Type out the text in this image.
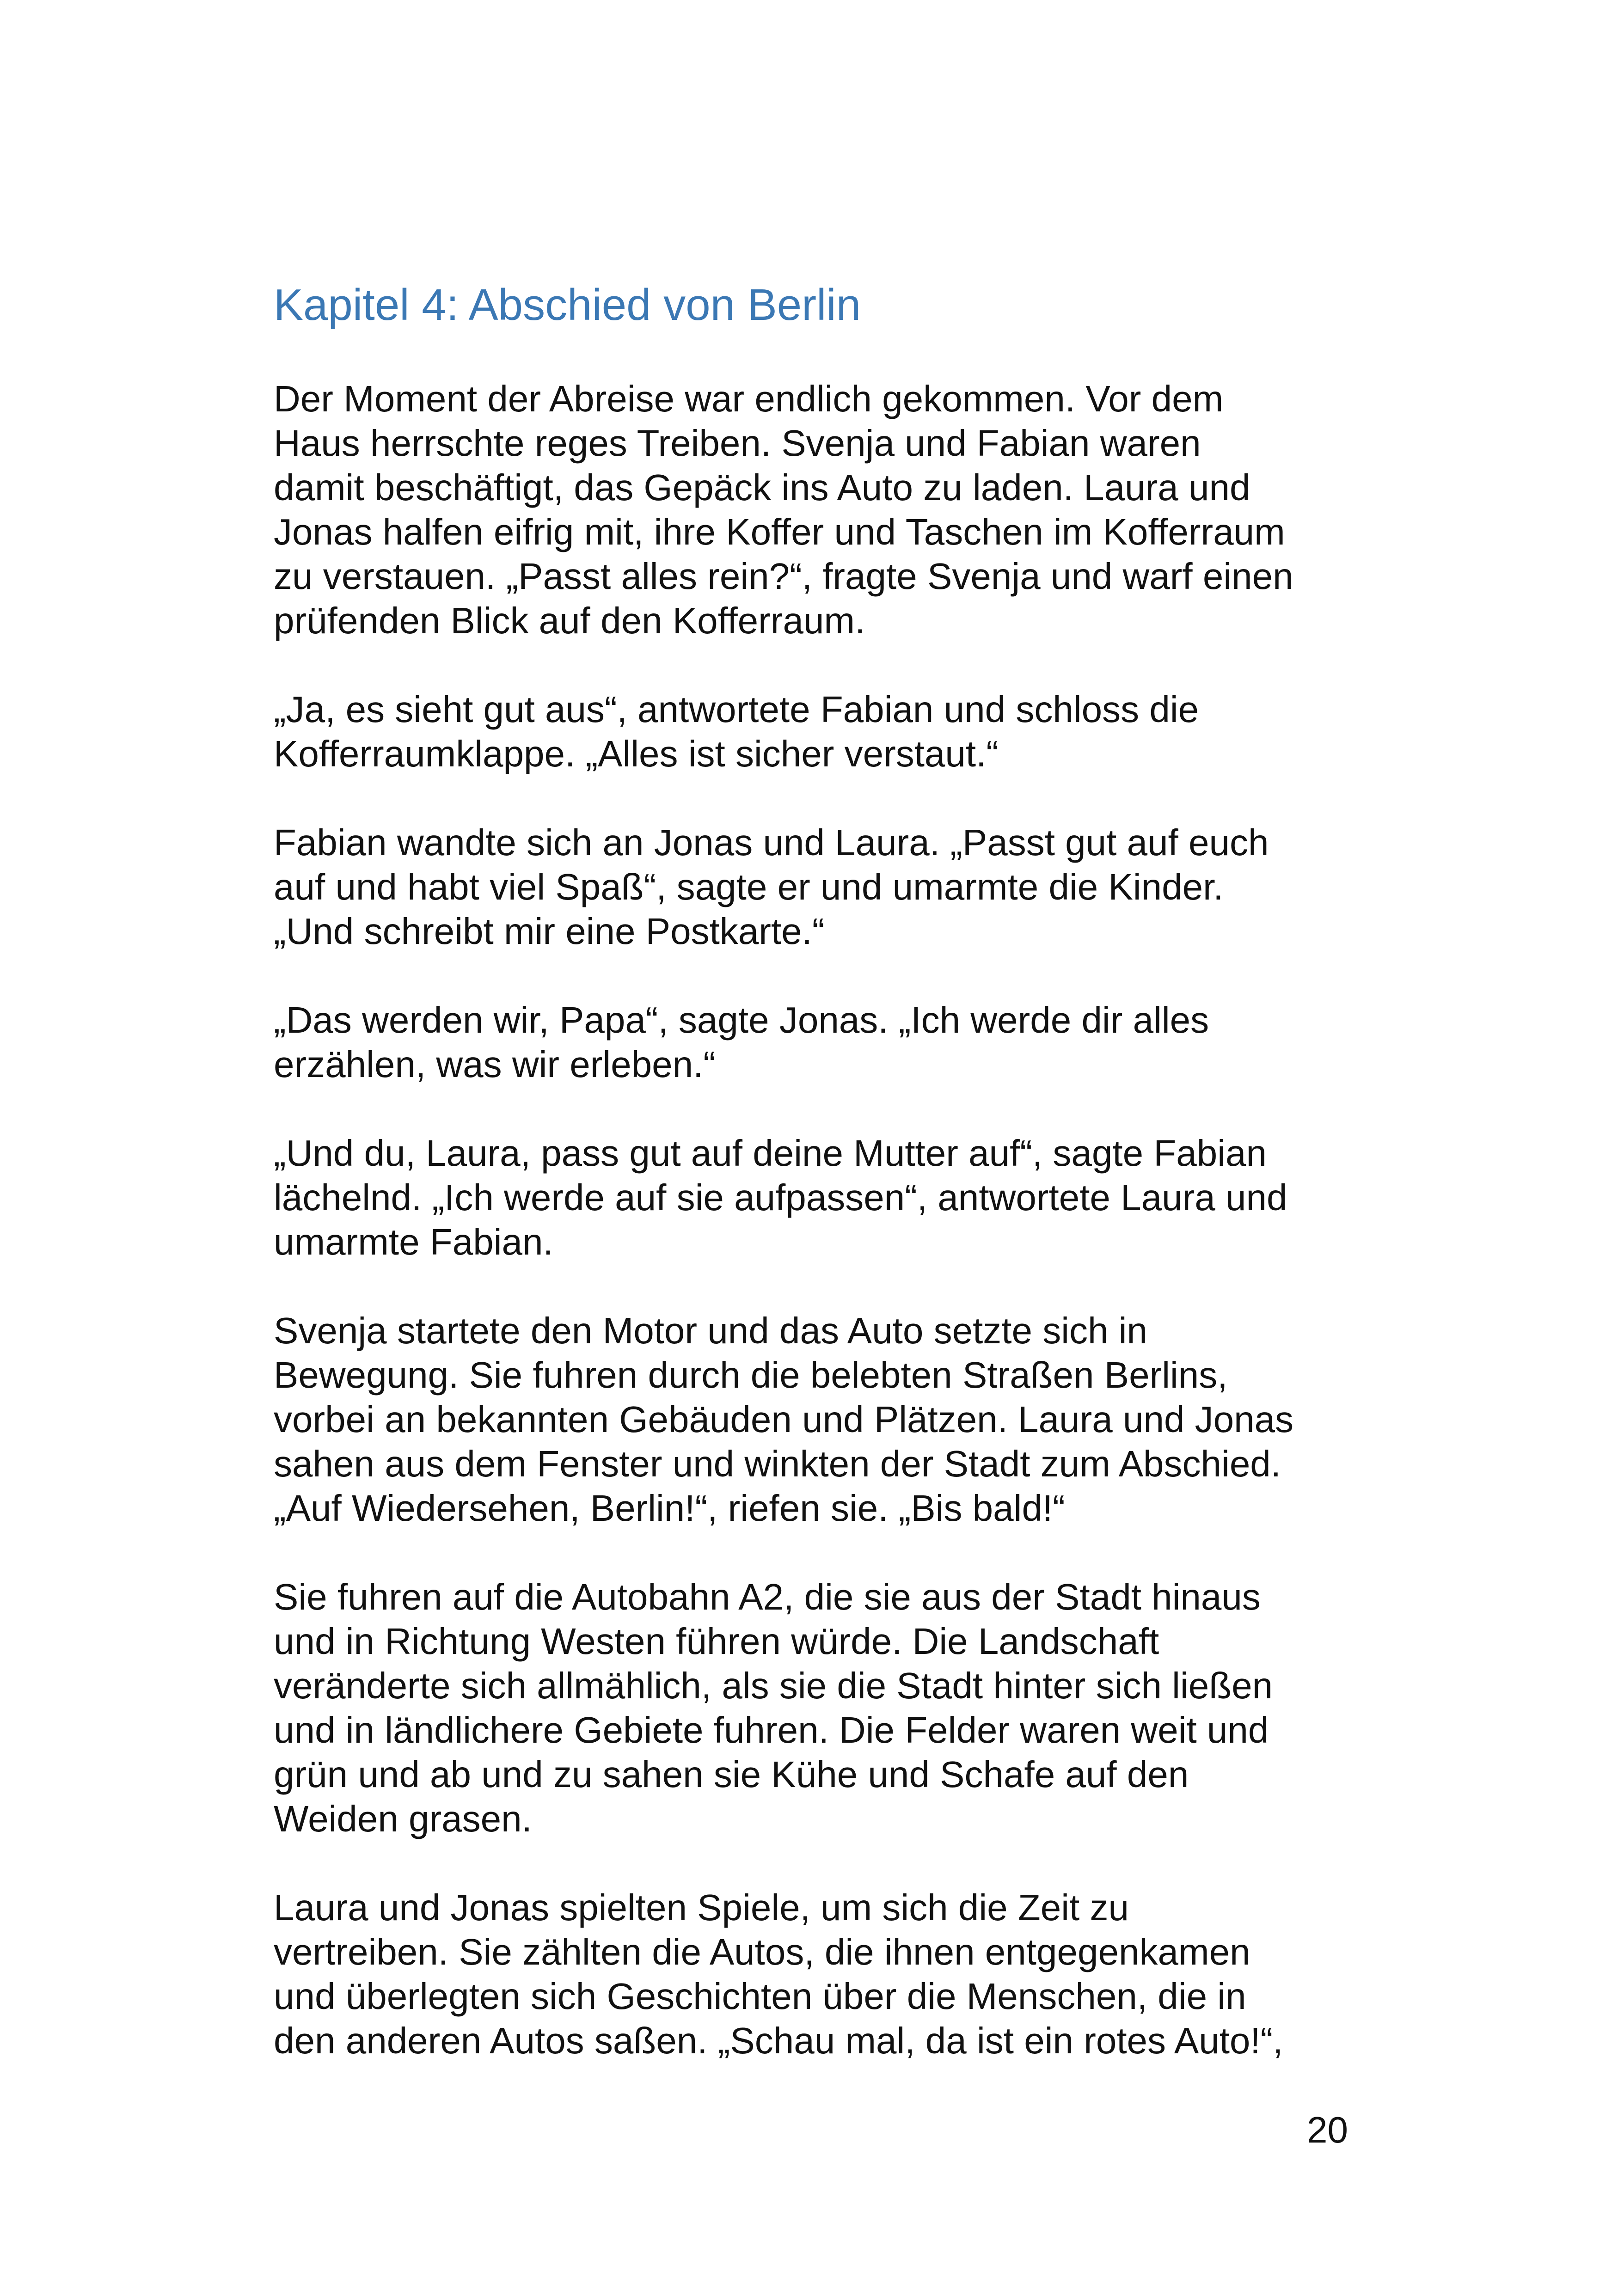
Kapitel 4: Abschied von Berlin

Der Moment der Abreise war endlich gekommen. Vor dem
Haus herrschte reges Treiben. Svenja und Fabian waren
damit beschäftigt, das Gepäck ins Auto zu laden. Laura und
Jonas halfen eifrig mit, ihre Koffer und Taschen im Kofferraum
zu verstauen. „Passt alles rein?“, fragte Svenja und warf einen
prüfenden Blick auf den Kofferraum.

„Ja, es sieht gut aus“, antwortete Fabian und schloss die
Kofferraumklappe. „Alles ist sicher verstaut.“

Fabian wandte sich an Jonas und Laura. „Passt gut auf euch
auf und habt viel Spaß“, sagte er und umarmte die Kinder.
„Und schreibt mir eine Postkarte.“

„Das werden wir, Papa“, sagte Jonas. „Ich werde dir alles
erzählen, was wir erleben.“

„Und du, Laura, pass gut auf deine Mutter auf“, sagte Fabian
lächelnd. „Ich werde auf sie aufpassen“, antwortete Laura und
umarmte Fabian.

Svenja startete den Motor und das Auto setzte sich in
Bewegung. Sie fuhren durch die belebten Straßen Berlins,
vorbei an bekannten Gebäuden und Plätzen. Laura und Jonas
sahen aus dem Fenster und winkten der Stadt zum Abschied.
„Auf Wiedersehen, Berlin!“, riefen sie. „Bis bald!“

Sie fuhren auf die Autobahn A2, die sie aus der Stadt hinaus
und in Richtung Westen führen würde. Die Landschaft
veränderte sich allmählich, als sie die Stadt hinter sich ließen
und in ländlichere Gebiete fuhren. Die Felder waren weit und
grün und ab und zu sahen sie Kühe und Schafe auf den
Weiden grasen.

Laura und Jonas spielten Spiele, um sich die Zeit zu
vertreiben. Sie zählten die Autos, die ihnen entgegenkamen
und überlegten sich Geschichten über die Menschen, die in
den anderen Autos saßen. „Schau mal, da ist ein rotes Auto!“,

20
